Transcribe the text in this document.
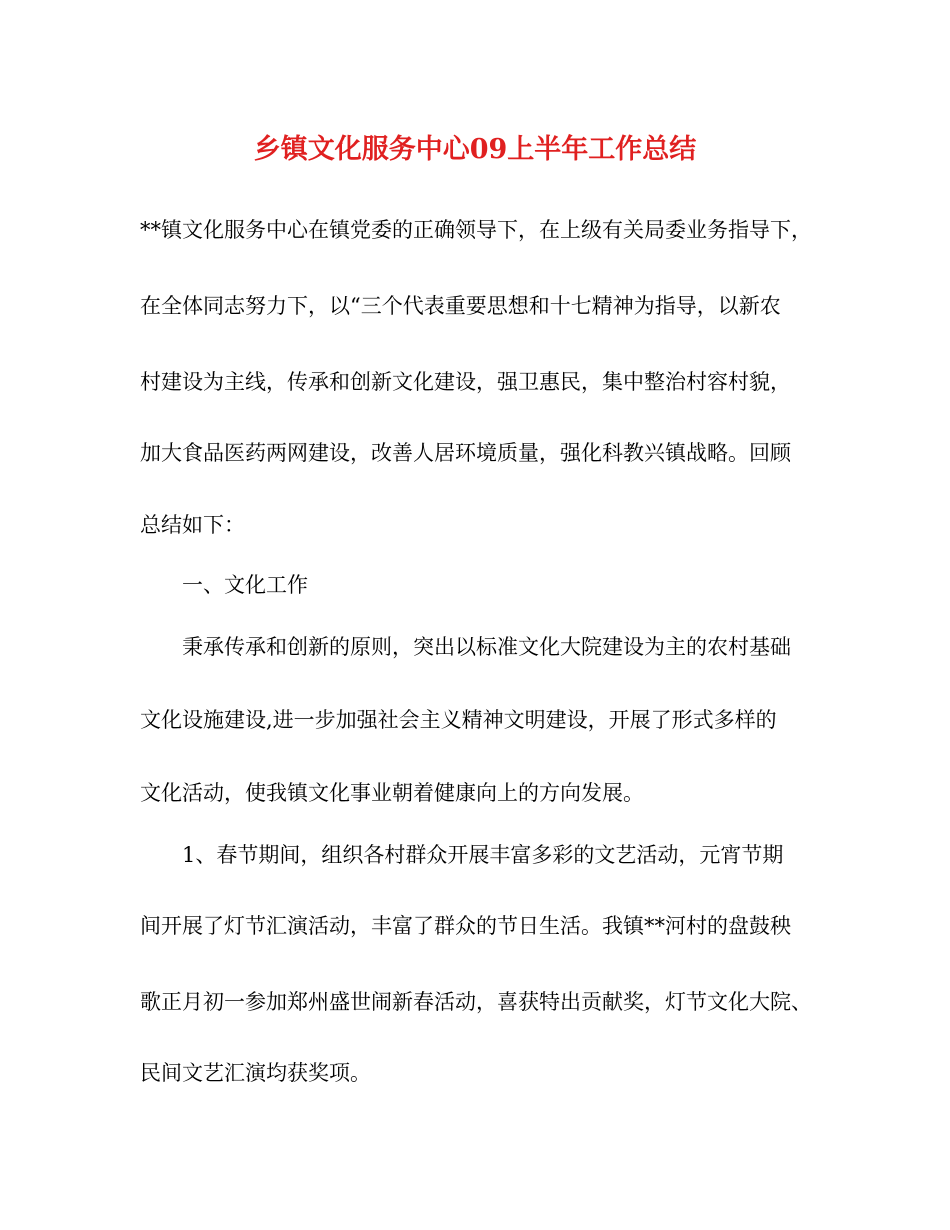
乡镇文化服务中心09上半年工作总结

**镇文化服务中心在镇党委的正确领导下，在上级有关局委业务指导下，

在全体同志努力下，以“三个代表重要思想和十七精神为指导，以新农

村建设为主线，传承和创新文化建设，强卫惠民，集中整治村容村貌，

加大食品医药两网建设，改善人居环境质量，强化科教兴镇战略。回顾

总结如下：

一、文化工作

秉承传承和创新的原则，突出以标准文化大院建设为主的农村基础

文化设施建设,进一步加强社会主义精神文明建设，开展了形式多样的

文化活动，使我镇文化事业朝着健康向上的方向发展。

1、春节期间，组织各村群众开展丰富多彩的文艺活动，元宵节期

间开展了灯节汇演活动，丰富了群众的节日生活。我镇**河村的盘鼓秧

歌正月初一参加郑州盛世闹新春活动，喜获特出贡献奖，灯节文化大院、

民间文艺汇演均获奖项。
